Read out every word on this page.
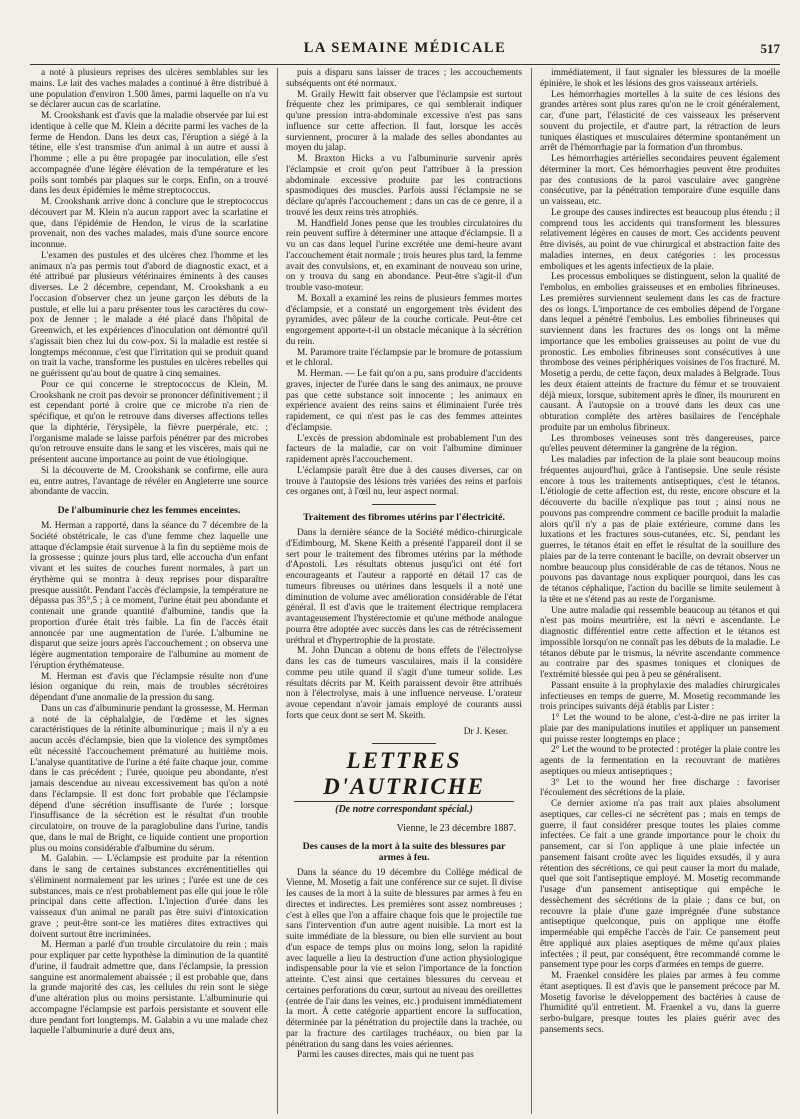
LA SEMAINE MÉDICALE	517

a noté à plusieurs reprises des ulcères semblables sur les mains. Le lait des vaches malades a continué à être distribué à une population d'environ 1.500 âmes, parmi laquelle on n'a vu se déclarer aucun cas de scarlatine.

M. Crookshank est d'avis que la maladie observée par lui est identique à celle que M. Klein a décrite parmi les vaches de la ferme de Hendon. Dans les deux cas, l'éruption a siégé à la tétine, elle s'est transmise d'un animal à un autre et aussi à l'homme ; elle a pu être propagée par inoculation, elle s'est accompagnée d'une légère élévation de la température et les poils sont tombés par plaques sur le corps. Enfin, on a trouvé dans les deux épidémies le même streptococcus.

M. Crookshank arrive donc à conclure que le streptococcus découvert par M. Klein n'a aucun rapport avec la scarlatine et que, dans l'épidémie de Hendon, le virus de la scarlatine provenait, non des vaches malades, mais d'une source encore inconnue.

L'examen des pustules et des ulcères chez l'homme et les animaux n'a pas permis tout d'abord de diagnostic exact, et a été attribué par plusieurs vétérinaires éminents à des causes diverses. Le 2 décembre, cependant, M. Crookshank a eu l'occasion d'observer chez un jeune garçon les débuts de la pustule, et elle lui a paru présenter tous les caractères du cow-pox de Jenner ; le malade a été placé dans l'hôpital de Greenwich, et les expériences d'inoculation ont démontré qu'il s'agissait bien chez lui du cow-pox. Si la maladie est restée si longtemps méconnue, c'est que l'irritation qui se produit quand on trait la vache, transforme les pustules en ulcères rebelles qui ne guérissent qu'au bout de quatre à cinq semaines.

Pour ce qui concerne le streptococcus de Klein, M. Crookshank ne croit pas devoir se prononcer définitivement ; il est cependant porté à croire que ce microbe n'a rien de spécifique, et qu'on le retrouve dans diverses affections telles que la diphtérie, l'érysipèle, la fièvre puerpérale, etc. ; l'organisme malade se laisse parfois pénétrer par des microbes qu'on retrouve ensuite dans le sang et les viscères, mais qui ne présentent aucune importance au point de vue étiologique.

Si la découverte de M. Crookshank se confirme, elle aura eu, entre autres, l'avantage de révéler en Angleterre une source abondante de vaccin.

De l'albuminurie chez les femmes enceintes.

M. Herman a rapporté, dans la séance du 7 décembre de la Société obstétricale, le cas d'une femme chez laquelle une attaque d'éclampsie était survenue à la fin du septième mois de la grossesse ; quinze jours plus tard, elle accoucha d'un enfant vivant et les suites de couches furent normales, à part un érythème qui se montra à deux reprises pour disparaître presque aussitôt. Pendant l'accès d'éclampsie, la température ne dépassa pas 35°,5 ; à ce moment, l'urine était peu abondante et contenait une grande quantité d'albumine, tandis que la proportion d'urée était très faible. La fin de l'accès était annoncée par une augmentation de l'urée. L'albumine ne disparut que seize jours après l'accouchement ; on observa une légère augmentation temporaire de l'albumine au moment de l'éruption érythémateuse.

M. Herman est d'avis que l'éclampsie résulte non d'une lésion organique du rein, mais de troubles sécrétoires dépendant d'une anomalie de la pression du sang.

Dans un cas d'albuminurie pendant la grossesse, M. Herman a noté de la céphalalgie, de l'œdème et les signes caractéristiques de la rétinite albuminurique ; mais il n'y a eu aucun accès d'éclampsie, bien que la violence des symptômes eût nécessité l'accouchement prématuré au huitième mois. L'analyse quantitative de l'urine a été faite chaque jour, comme dans le cas précédent ; l'urée, quoique peu abondante, n'est jamais descendue au niveau excessivement bas qu'on a noté dans l'éclampsie. Il est donc fort probable que l'éclampsie dépend d'une sécrétion insuffisante de l'urée ; lorsque l'insuffisance de la sécrétion est le résultat d'un trouble circulatoire, on trouve de la paraglobuline dans l'urine, tandis que, dans le mal de Bright, ce liquide contient une proportion plus ou moins considérable d'albumine du sérum.

M. Galabin. — L'éclampsie est produite par la rétention dans le sang de certaines substances excrémentitielles qui s'éliminent normalement par les urines ; l'urée est une de ces substances, mais ce n'est probablement pas elle qui joue le rôle principal dans cette affection. L'injection d'urée dans les vaisseaux d'un animal ne paraît pas être suivi d'intoxication grave ; peut-être sont-ce les matières dites extractives qui doivent surtout être incriminées.

M. Herman a parlé d'un trouble circulatoire du rein ; mais pour expliquer par cette hypothèse la diminution de la quantité d'urine, il faudrait admettre que, dans l'éclampsie, la pression sanguine est anormalement abaissée ; il est probable que, dans la grande majorité des cas, les cellules du rein sont le siège d'une altération plus ou moins persistante. L'albuminurie qui accompagne l'éclampsie est parfois persistante et souvent elle dure pendant fort longtemps. M. Galabin a vu une malade chez laquelle l'albuminurie a duré deux ans,

puis a disparu sans laisser de traces ; les accouchements subséquents ont été normaux.

M. Graily Hewitt fait observer que l'éclampsie est surtout fréquente chez les primipares, ce qui semblerait indiquer qu'une pression intra-abdominale excessive n'est pas sans influence sur cette affection. Il faut, lorsque les accès surviennent, procurer à la malade des selles abondantes au moyen du jalap.

M. Braxton Hicks a vu l'albuminurie survenir après l'éclampsie et croit qu'on peut l'attribuer à la pression abdominale excessive produite par les contractions spasmodiques des muscles. Parfois aussi l'éclampsie ne se déclare qu'après l'accouchement ; dans un cas de ce genre, il a trouvé les deux reins très atrophiés.

M. Handfield Jones pense que les troubles circulatoires du rein peuvent suffire à déterminer une attaque d'éclampsie. Il a vu un cas dans lequel l'urine excrétée une demi-heure avant l'accouchement était normale ; trois heures plus tard, la femme avait des convulsions, et, en examinant de nouveau son urine, on y trouva du sang en abondance. Peut-être s'agit-il d'un trouble vaso-moteur.

M. Boxall a examiné les reins de plusieurs femmes mortes d'éclampsie, et a constaté un engorgement très évident des pyramides, avec pâleur de la couche corticale. Peut-être cet engorgement apporte-t-il un obstacle mécanique à la sécrétion du rein.

M. Paramore traite l'éclampsie par le bromure de potassium et le chloral.

M. Herman. — Le fait qu'on a pu, sans produire d'accidents graves, injecter de l'urée dans le sang des animaux, ne prouve pas que cette substance soit innocente ; les animaux en expérience avaient des reins sains et éliminaient l'urée très rapidement, ce qui n'est pas le cas des femmes atteintes d'éclampsie.

L'excès de pression abdominale est probablement l'un des facteurs de la maladie, car on voit l'albumine diminuer rapidement après l'accouchement.

L'éclampsie paraît être due à des causes diverses, car on trouve à l'autopsie des lésions très variées des reins et parfois ces organes ont, à l'œil nu, leur aspect normal.

Traitement des fibromes utérins par l'électricité.

Dans la dernière séance de la Société médico-chirurgicale d'Edimbourg, M. Skene Keith a présenté l'appareil dont il se sert pour le traitement des fibromes utérins par la méthode d'Apostoli. Les résultats obtenus jusqu'ici ont été fort encourageants et l'auteur a rapporté en détail 17 cas de tumeurs fibreuses ou utérines dans lesquels il a noté une diminution de volume avec amélioration considérable de l'état général. Il est d'avis que le traitement électrique remplacera avantageusement l'hystérectomie et qu'une méthode analogue pourra être adoptée avec succès dans les cas de rétrécissement uréthral et d'hypertrophie de la prostate.

M. John Duncan a obtenu de bons effets de l'électrolyse dans les cas de tumeurs vasculaires, mais il la considère comme peu utile quand il s'agit d'une tumeur solide. Les résultats décrits par M. Keith paraissent devoir être attribués non à l'électrolyse, mais à une influence nerveuse. L'orateur avoue cependant n'avoir jamais employé de courants aussi forts que ceux dont se sert M. Skeith.

Dr J. Keser.
LETTRES D'AUTRICHE
(De notre correspondant spécial.)
Vienne, le 23 décembre 1887.
Des causes de la mort à la suite des blessures par armes à feu.

Dans la séance du 19 décembre du Collège médical de Vienne, M. Mosetig a fait une conférence sur ce sujet. Il divise les causes de la mort à la suite de blessures par armes à feu en directes et indirectes. Les premières sont assez nombreuses ; c'est à elles que l'on a affaire chaque fois que le projectile tue sans l'intervention d'un autre agent nuisible. La mort est la suite immédiate de la blessure, ou bien elle survient au bout d'un espace de temps plus ou moins long, selon la rapidité avec laquelle a lieu la destruction d'une action physiologique indispensable pour la vie et selon l'importance de la fonction atteinte. C'est ainsi que certaines blessures du cerveau et certaines perforations du cœur, surtout au niveau des oreillettes (entrée de l'air dans les veines, etc.) produisent immédiatement la mort. À cette catégorie appartient encore la suffocation, déterminée par la pénétration du projectile dans la trachée, ou par la fracture des cartilages trachéaux, ou bien par la pénétration du sang dans les voies aériennes.

Parmi les causes directes, mais qui ne tuent pas

immédiatement, il faut signaler les blessures de la moelle épinière, le shok et les lésions des gros vaisseaux artériels.

Les hémorrhagies mortelles à la suite de ces lésions des grandes artères sont plus rares qu'on ne le croit généralement, car, d'une part, l'élasticité de ces vaisseaux les préservent souvent du projectile, et d'autre part, la rétraction de leurs tuniques élastiques et musculaires détermine spontanément un arrêt de l'hémorrhagie par la formation d'un thrombus.

Les hémorrhagies artérielles secondaires peuvent également déterminer la mort. Ces hémorrhagies peuvent être produites par des contusions de la paroi vasculaire avec gangrène consécutive, par la pénétration temporaire d'une esquille dans un vaisseau, etc.

Le groupe des causes indirectes est beaucoup plus étendu ; il comprend tous les accidents qui transforment les blessures relativement légères en causes de mort. Ces accidents peuvent être divisés, au point de vue chirurgical et abstraction faite des maladies internes, en deux catégories : les processus emboliques et les agents infectieux de la plaie.

Les processus emboliques se distinguent, selon la qualité de l'embolus, en embolies graisseuses et en embolies fibrineuses. Les premières surviennent seulement dans les cas de fracture des os longs. L'importance de ces embolies dépend de l'organe dans lequel a pénétré l'embolus. Les embolies fibrineuses qui surviennent dans les fractures des os longs ont la même importance que les embolies graisseuses au point de vue du pronostic. Les embolies fibrineuses sont consécutives à une thrombose des veines périphériques voisines de l'os fracturé. M. Mosetig a perdu, de cette façon, deux malades à Belgrade. Tous les deux étaient atteints de fracture du fémur et se trouvaient déjà mieux, lorsque, subitement après le dîner, ils moururent en causant. À l'autopsie on a trouvé dans les deux cas une obturation complète des artères basilaires de l'encéphale produite par un embolus fibrineux.

Les thromboses veineuses sont très dangereuses, parce qu'elles peuvent déterminer la gangrène de la région.

Les maladies par infection de la plaie sont beaucoup moins fréquentes aujourd'hui, grâce à l'antisepsie. Une seule résiste encore à tous les traitements antiseptiques, c'est le tétanos. L'étiologie de cette affection est, du reste, encore obscure et la découverte du bacille n'explique pas tout ; ainsi nous ne pouvons pas comprendre comment ce bacille produit la maladie alors qu'il n'y a pas de plaie extérieure, comme dans les luxations et les fractures sous-cutanées, etc. Si, pendant les guerres, le tétanos était en effet le résultat de la souillure des plaies par de la terre contenant le bacille, on devrait observer un nombre beaucoup plus considérable de cas de tétanos. Nous ne pouvons pas davantage nous expliquer pourquoi, dans les cas de tétanos céphalique, l'action du bacille se limite seulement à la tête et ne s'étend pas au reste de l'organisme.

Une autre maladie qui ressemble beaucoup au tétanos et qui n'est pas moins meurtrière, est la névri e ascendante. Le diagnostic différentiel entre cette affection et le tétanos est impossible lorsqu'on ne connaît pas les débuts de la maladie. Le tétanos débute par le trismus, la névrite ascendante commence au contraire par des spasmes toniques et cloniques de l'extrémité blessée qui peu à peu se généralisent.

Passant ensuite à la prophylaxie des maladies chirurgicales infectieuses en temps de guerre, M. Mosetig recommande les trois principes suivants déjà établis par Lister :

1° Let the wound to be alone, c'est-à-dire ne pas irriter la plaie par des manipulations inutiles et appliquer un pansement qui puisse rester longtemps en place ;

2° Let the wound to be protected : protéger la plaie contre les agents de la fermentation en la recouvrant de matières aseptiques ou mieux antiseptiques ;

3° Let to the wound her free discharge : favoriser l'écoulement des sécrétions de la plaie.

Ce dernier axiome n'a pas trait aux plaies absolument aseptiques, car celles-ci ne sécrètent pas ; mais en temps de guerre, il faut considérer presque toutes les plaies comme infectées. Ce fait a une grande importance pour le choix du pansement, car si l'on applique à une plaie infectée un pansement faisant croûte avec les liquides exsudés, il y aura rétention des sécrétions, ce qui peut causer la mort du malade, quel que soit l'antiseptique employé. M. Mosetig recommande l'usage d'un pansement antiseptique qui empêche le dessèchement des sécrétions de la plaie ; dans ce but, on recouvre la plaie d'une gaze imprégnée d'une substance antiseptique quelconque, puis on applique une étoffe imperméable qui empêche l'accès de l'air. Ce pansement peut être appliqué aux plaies aseptiques de même qu'aux plaies infectées ; il peut, par conséquent, être recommandé comme le pansement type pour les corps d'armées en temps de guerre.

M. Fraenkel considère les plaies par armes à feu comme étant aseptiques. Il est d'avis que le pansement précoce par M. Mosetig favorise le développement des bactéries à cause de l'humidité qu'il entretient. M. Fraenkel a vu, dans la guerre serbo-bulgare, presque toutes les plaies guérir avec des pansements secs.
